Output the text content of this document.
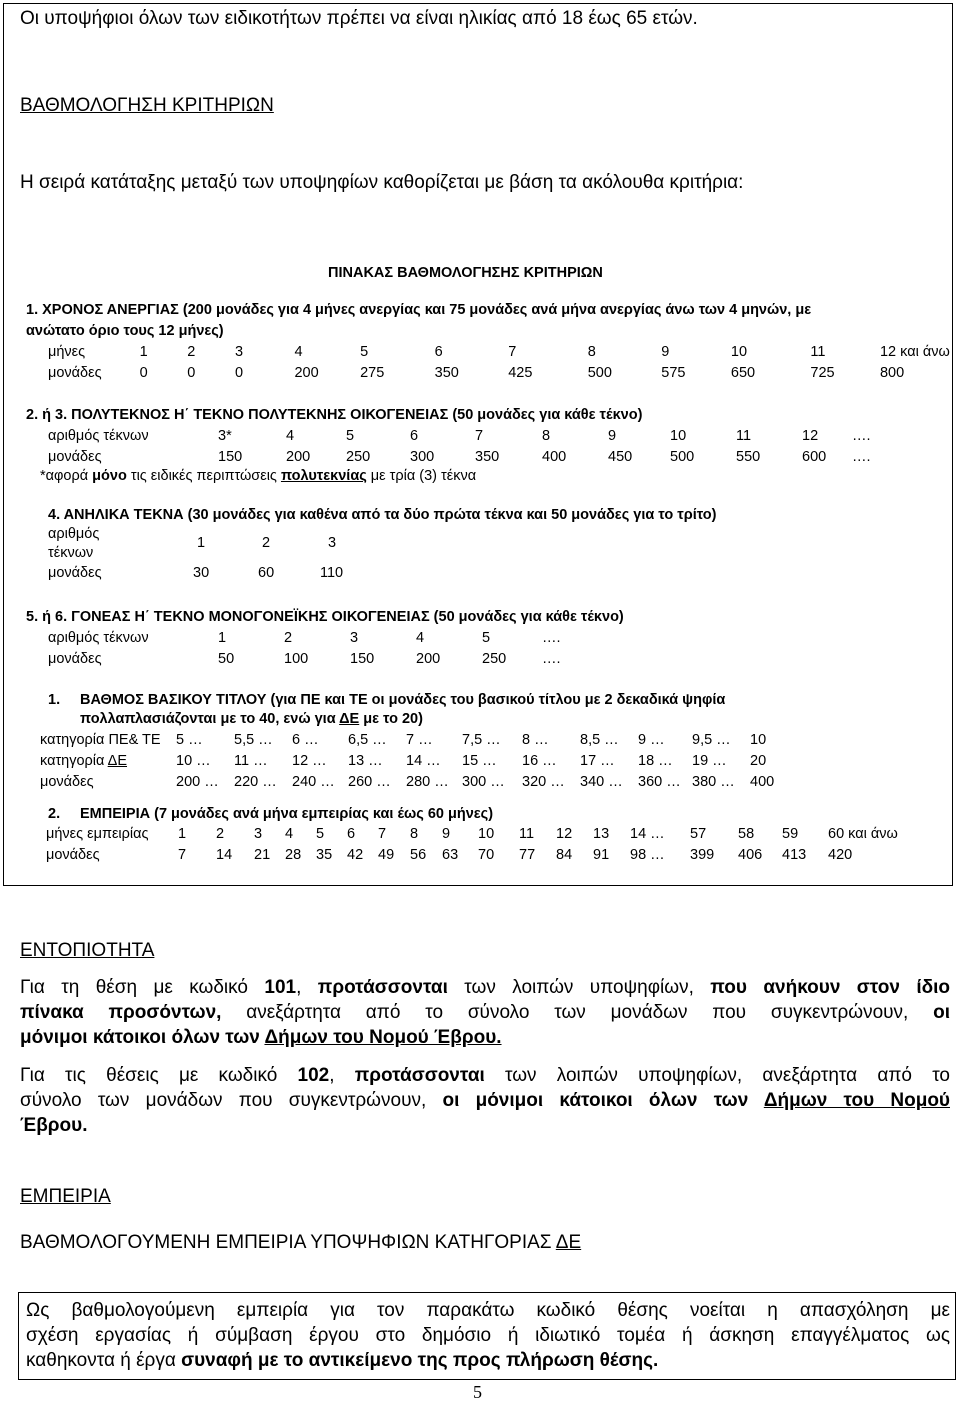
Οι υποψήφιοι όλων των ειδικοτήτων πρέπει να είναι ηλικίας από 18 έως 65 ετών.
ΒΑΘΜΟΛΟΓΗΣΗ ΚΡΙΤΗΡΙΩΝ
Η σειρά κατάταξης μεταξύ των υποψηφίων καθορίζεται με βάση τα ακόλουθα κριτήρια:
ΠΙΝΑΚΑΣ ΒΑΘΜΟΛΟΓΗΣΗΣ ΚΡΙΤΗΡΙΩΝ
1. ΧΡΟΝΟΣ ΑΝΕΡΓΙΑΣ (200 μονάδες για 4 μήνες ανεργίας και 75 μονάδες ανά μήνα ανεργίας άνω των 4 μηνών, με
ανώτατο όριο τους 12 μήνες)
μήνες	1	2	3	4	5	6	7	8	9	10	11	12 και άνω
μονάδες	0	0	0	200	275	350	425	500	575	650	725	800
2. ή 3. ΠΟΛΥΤΕΚΝΟΣ Η΄ ΤΕΚΝΟ ΠΟΛΥΤΕΚΝΗΣ ΟΙΚΟΓΕΝΕΙΑΣ (50 μονάδες για κάθε τέκνο)
αριθμός τέκνων	3*	4	5	6	7	8	9	10	11	12	….
μονάδες	150	200	250	300	350	400	450	500	550	600	….
*αφορά μόνο τις ειδικές περιπτώσεις πολυτεκνίας με τρία (3) τέκνα
4. ΑΝΗΛΙΚΑ ΤΕΚΝΑ (30 μονάδες για καθένα από τα δύο πρώτα τέκνα και 50 μονάδες για το τρίτο)
αριθμός
τέκνων
1	2	3
μονάδες	30	60	110
5. ή 6. ΓΟΝΕΑΣ Η΄ ΤΕΚΝΟ ΜΟΝΟΓΟΝΕΪΚΗΣ ΟΙΚΟΓΕΝΕΙΑΣ (50 μονάδες για κάθε τέκνο)
αριθμός τέκνων	1	2	3	4	5	….
μονάδες	50	100	150	200	250	….
1. ΒΑΘΜΟΣ ΒΑΣΙΚΟΥ ΤΙΤΛΟΥ (για ΠΕ και ΤΕ οι μονάδες του βασικού τίτλου με 2 δεκαδικά ψηφία
πολλαπλασιάζονται με το 40, ενώ για ΔΕ με το 20)
κατηγορία ΠΕ& ΤΕ	5 …	5,5 …	6 …	6,5 …	7 …	7,5 …	8 …	8,5 …	9 …	9,5 …	10
κατηγορία ΔΕ	10 …	11 …	12 …	13 …	14 …	15 …	16 …	17 …	18 …	19 …	20
μονάδες	200 …	220 …	240 …	260 …	280 …	300 …	320 …	340 …	360 …	380 …	400
2. ΕΜΠΕΙΡΙΑ (7 μονάδες ανά μήνα εμπειρίας και έως 60 μήνες)
μήνες εμπειρίας	1	2	3	4	5	6	7	8	9	10	11	12	13	14 …	57	58	59	60 και άνω
μονάδες	7	14	21	28	35	42	49	56	63	70	77	84	91	98 …	399	406	413	420
ΕΝΤΟΠΙΟΤΗΤΑ
Για τη θέση με κωδικό 101, προτάσσονται των λοιπών υποψηφίων, που ανήκουν στον ίδιο
πίνακα προσόντων, ανεξάρτητα από το σύνολο των μονάδων που συγκεντρώνουν, οι
μόνιμοι κάτοικοι όλων των Δήμων του Νομού Έβρου.
Για τις θέσεις με κωδικό 102, προτάσσονται των λοιπών υποψηφίων, ανεξάρτητα από το
σύνολο των μονάδων που συγκεντρώνουν, οι μόνιμοι κάτοικοι όλων των Δήμων του Νομού
Έβρου.
ΕΜΠΕΙΡΙΑ
ΒΑΘΜΟΛΟΓΟΥΜΕΝΗ ΕΜΠΕΙΡΙΑ ΥΠΟΨΗΦΙΩΝ ΚΑΤΗΓΟΡΙΑΣ ΔΕ
Ως βαθμολογούμενη εμπειρία για τον παρακάτω κωδικό θέσης νοείται η απασχόληση με
σχέση εργασίας ή σύμβαση έργου στο δημόσιο ή ιδιωτικό τομέα ή άσκηση επαγγέλματος ως
καθηκοντα ή έργα συναφή με το αντικείμενο της προς πλήρωση θέσης.
5
